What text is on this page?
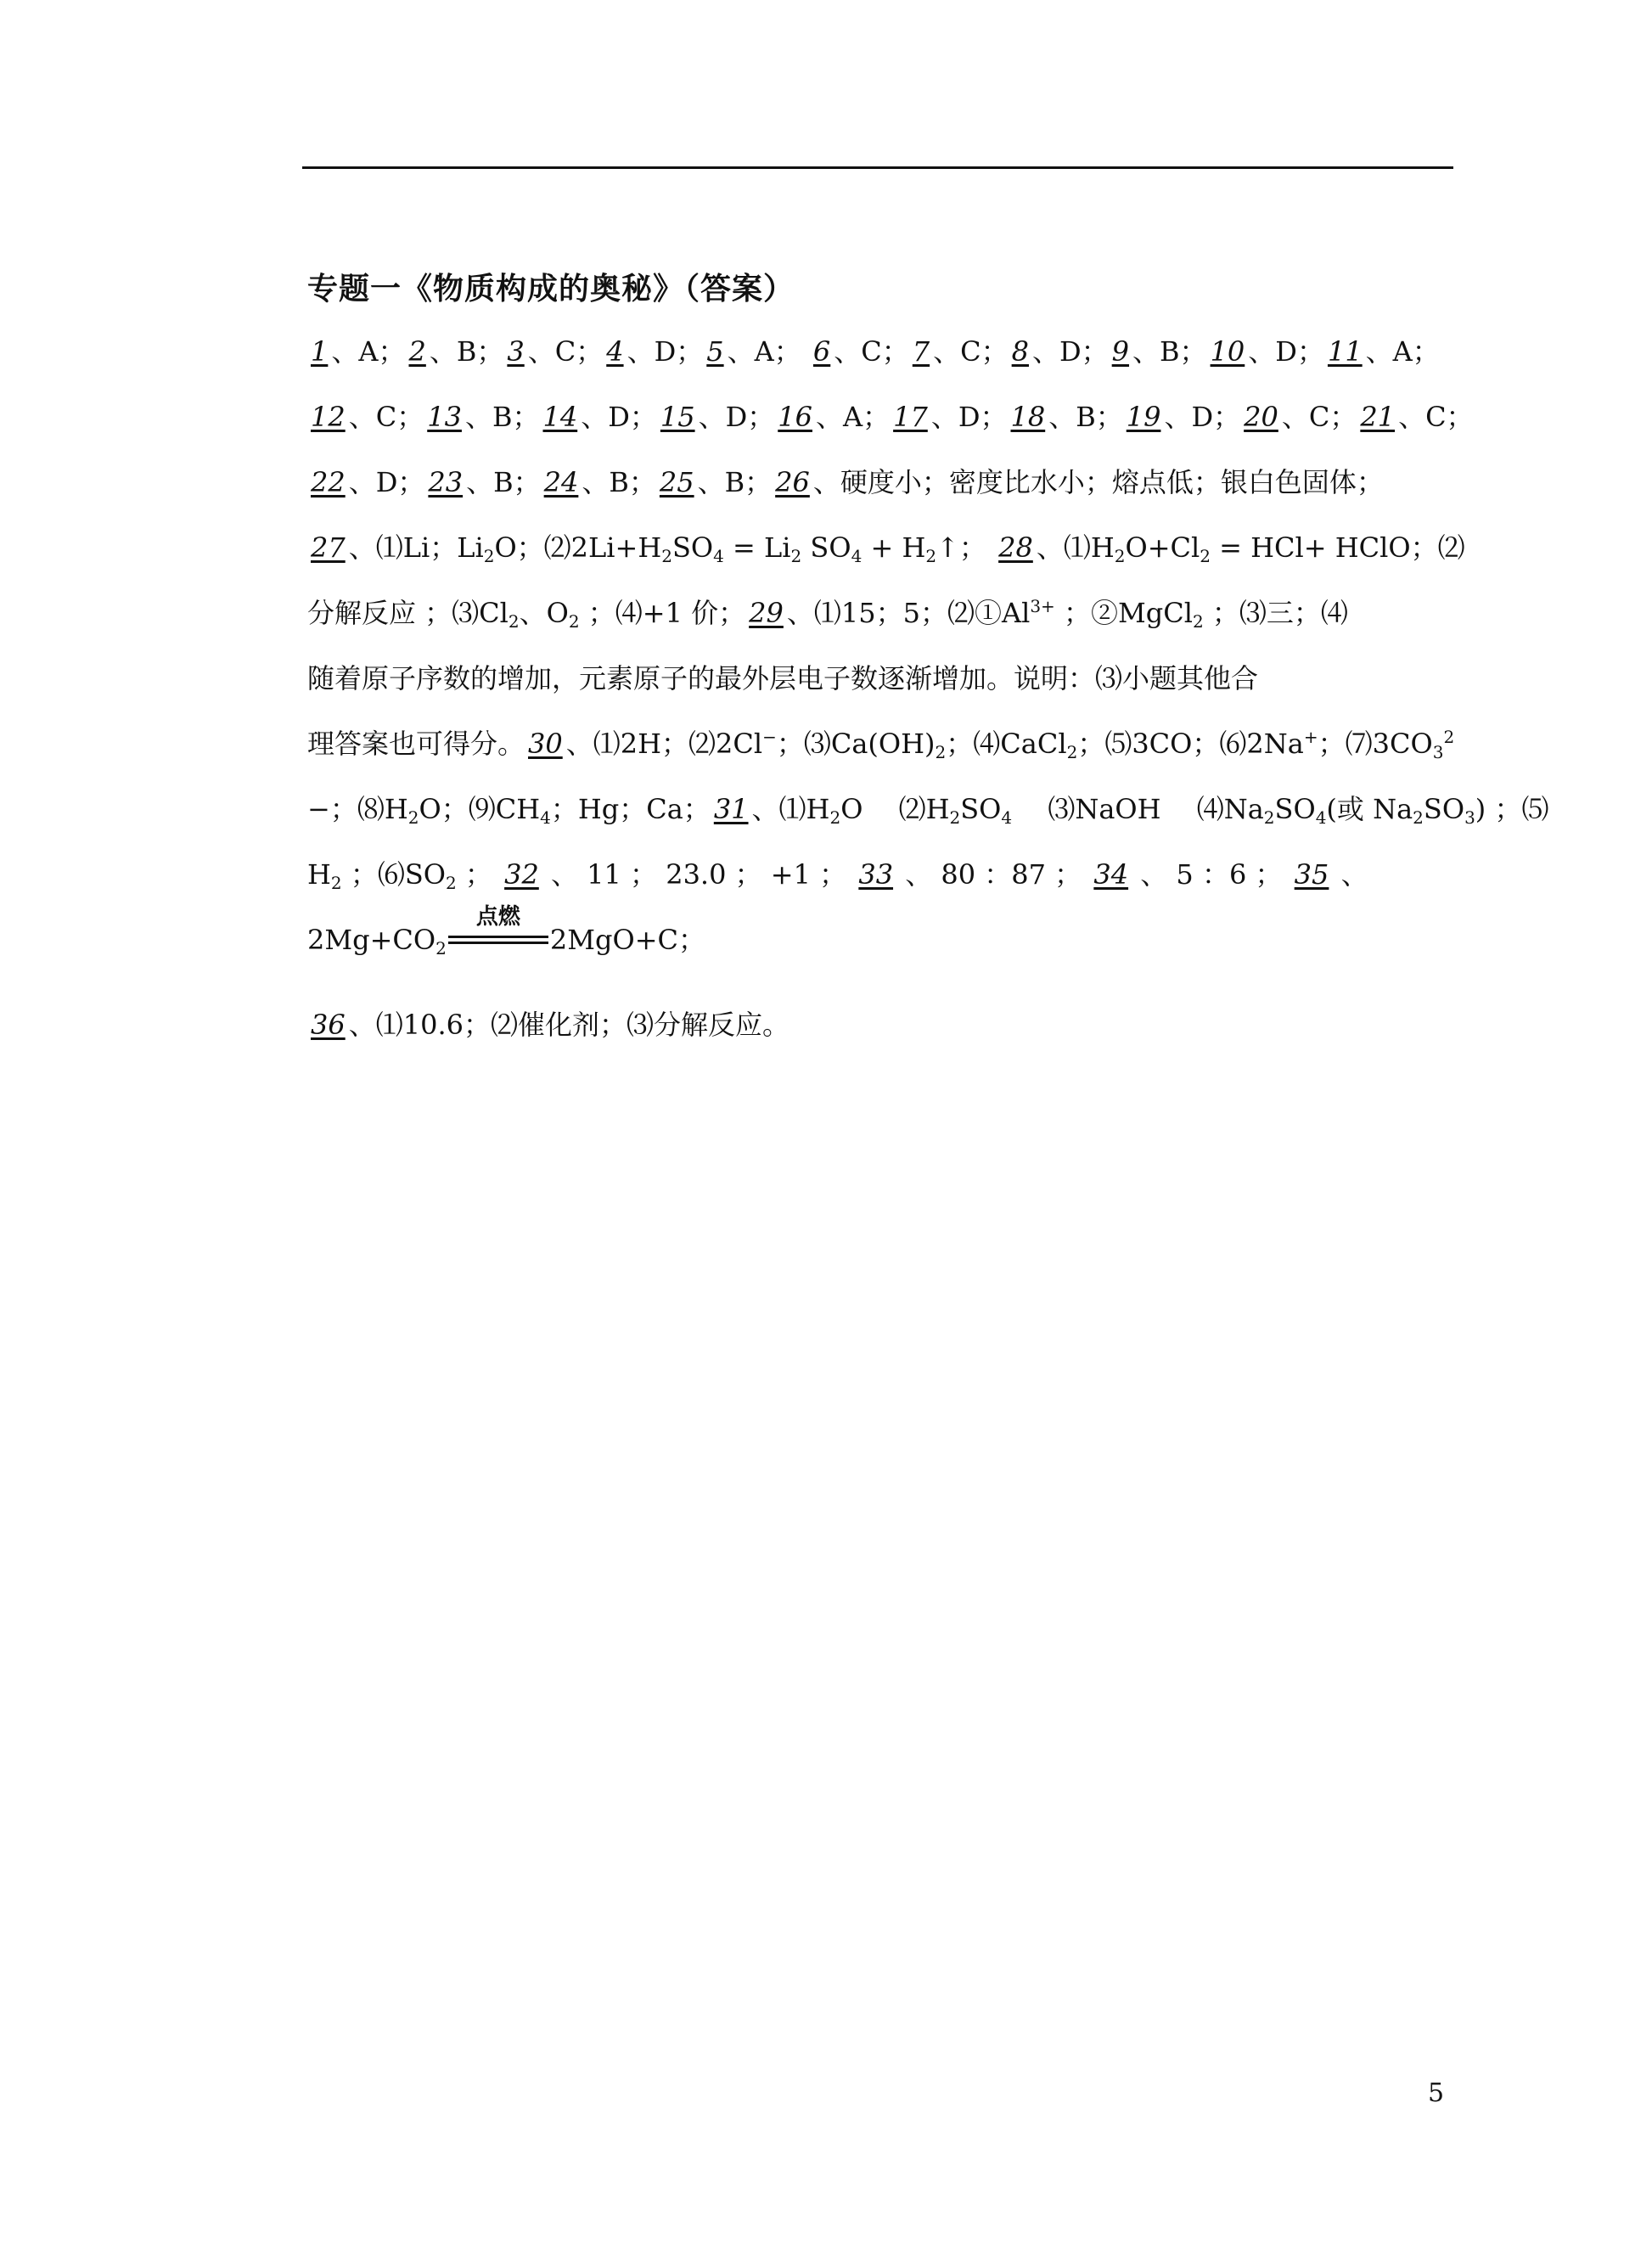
专题一《物质构成的奥秘》（答案）
1 、A； 2 、B； 3 、C； 4 、D； 5 、A； 6 、C； 7 、C； 8 、D； 9 、B； 10 、D； 11 、A；
12 、C； 13 、B； 14 、D； 15 、D； 16 、A； 17 、D； 18 、B； 19 、D； 20 、C； 21 、C；
22 、D； 23 、B； 24 、B； 25 、B； 26 、硬度小；密度比水小；熔点低；银白色固体；
27 、⑴Li；$Li_2O$；$⑵2Li+H_2SO_4 = Li_2$ $SO_4$ + $H_2↑$； 28 、$⑴H_2O+Cl_2 = HCl+$ HClO；⑵
分解反应 ；$⑶Cl_2$、$O_2$ ；⑷+1 价； 29 、⑴15；5；$⑵①Al^{3+}$ ；②MgCl$_2$ ；⑶三；⑷
随着原子序数的增加，元素原子的最外层电子数逐渐增加。说明：⑶小题其他合
理答案也可得分。 30 、⑴2H；⑵2Cl−；$⑶Ca(OH)_2$；⑷CaCl$_2$；⑸3CO；⑹2Na+；$⑺3CO_3^2$
−；$⑻H_2O$；$⑼CH_4$；Hg；Ca； 31 、$⑴H_2O$　 $⑵H_2SO_4$　 ⑶NaOH　 $⑷Na_2SO_4$(或 $Na_2SO_3$) ；⑸
$H_2$ ；$⑹SO_2$ ； 32 、 11 ； 23.0 ； +1 ； 33 、 80 ：87 ； 34 、 5 ：6 ； 35 、
$2Mg+CO_2$
点燃
2MgO+C；
36 、⑴10.6；⑵催化剂；⑶分解反应。
5
